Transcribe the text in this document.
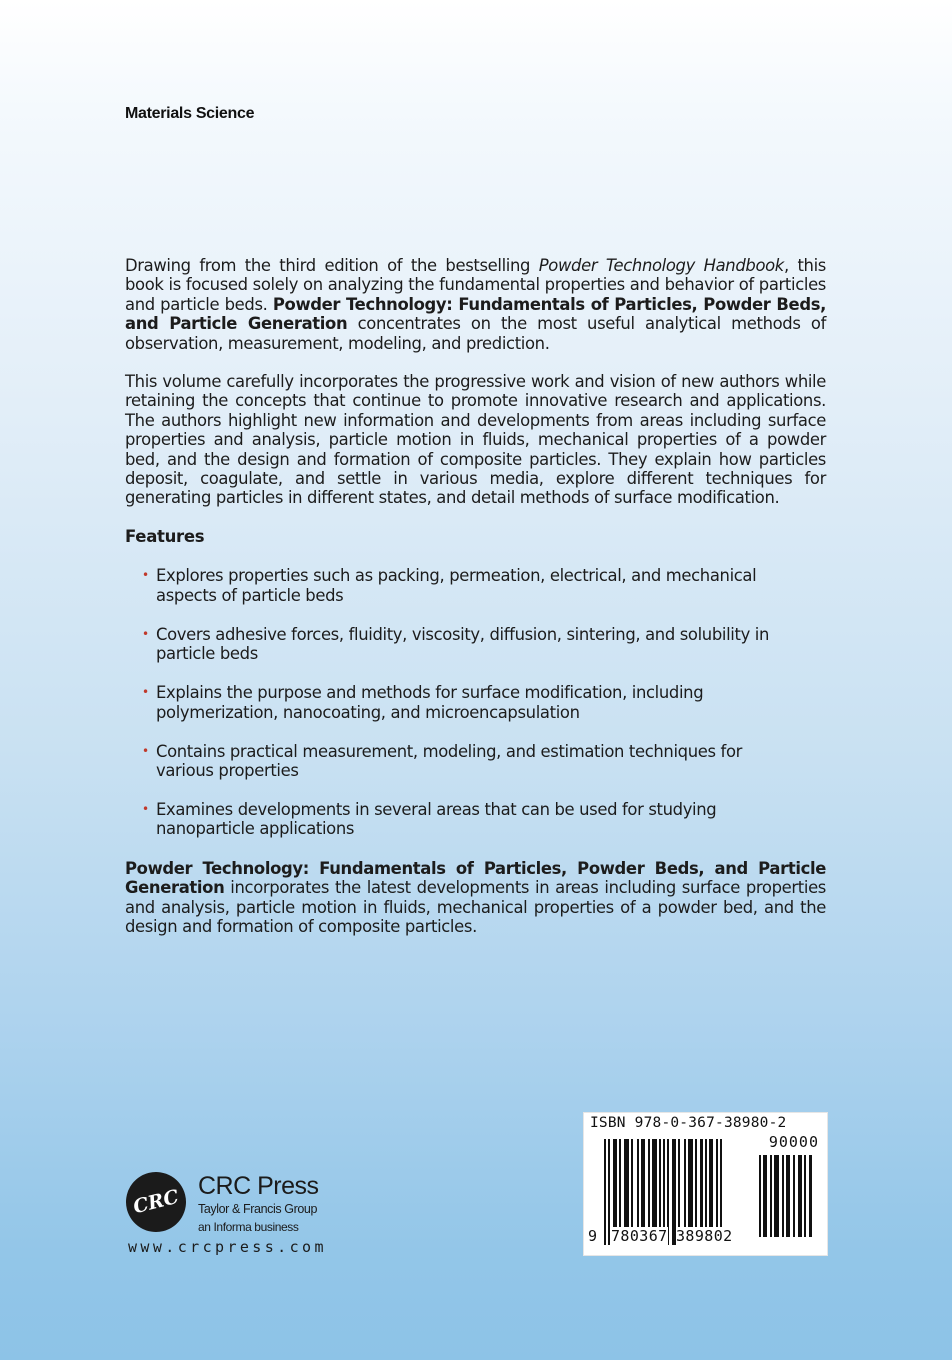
Materials Science

Drawing from the third edition of the bestselling Powder Technology Handbook, this book is focused solely on analyzing the fundamental properties and behavior of particles and particle beds. Powder Technology: Fundamentals of Particles, Powder Beds, and Particle Generation concentrates on the most useful analytical methods of observation, measurement, modeling, and prediction.

This volume carefully incorporates the progressive work and vision of new authors while retaining the concepts that continue to promote innovative research and applications. The authors highlight new information and developments from areas including surface properties and analysis, particle motion in fluids, mechanical properties of a powder bed, and the design and formation of composite particles. They explain how particles deposit, coagulate, and settle in various media, explore different techniques for generating particles in different states, and detail methods of surface modification.

Features
• Explores properties such as packing, permeation, electrical, and mechanical aspects of particle beds
• Covers adhesive forces, fluidity, viscosity, diffusion, sintering, and solubility in particle beds
• Explains the purpose and methods for surface modification, including polymerization, nanocoating, and microencapsulation
• Contains practical measurement, modeling, and estimation techniques for various properties
• Examines developments in several areas that can be used for studying nanoparticle applications

Powder Technology: Fundamentals of Particles, Powder Beds, and Particle Generation incorporates the latest developments in areas including surface properties and analysis, particle motion in fluids, mechanical properties of a powder bed, and the design and formation of composite particles.

CRC CRC Press
Taylor & Francis Group
an Informa business
www.crcpress.com
ISBN 978-0-367-38980-2
90000
9 780367 389802
